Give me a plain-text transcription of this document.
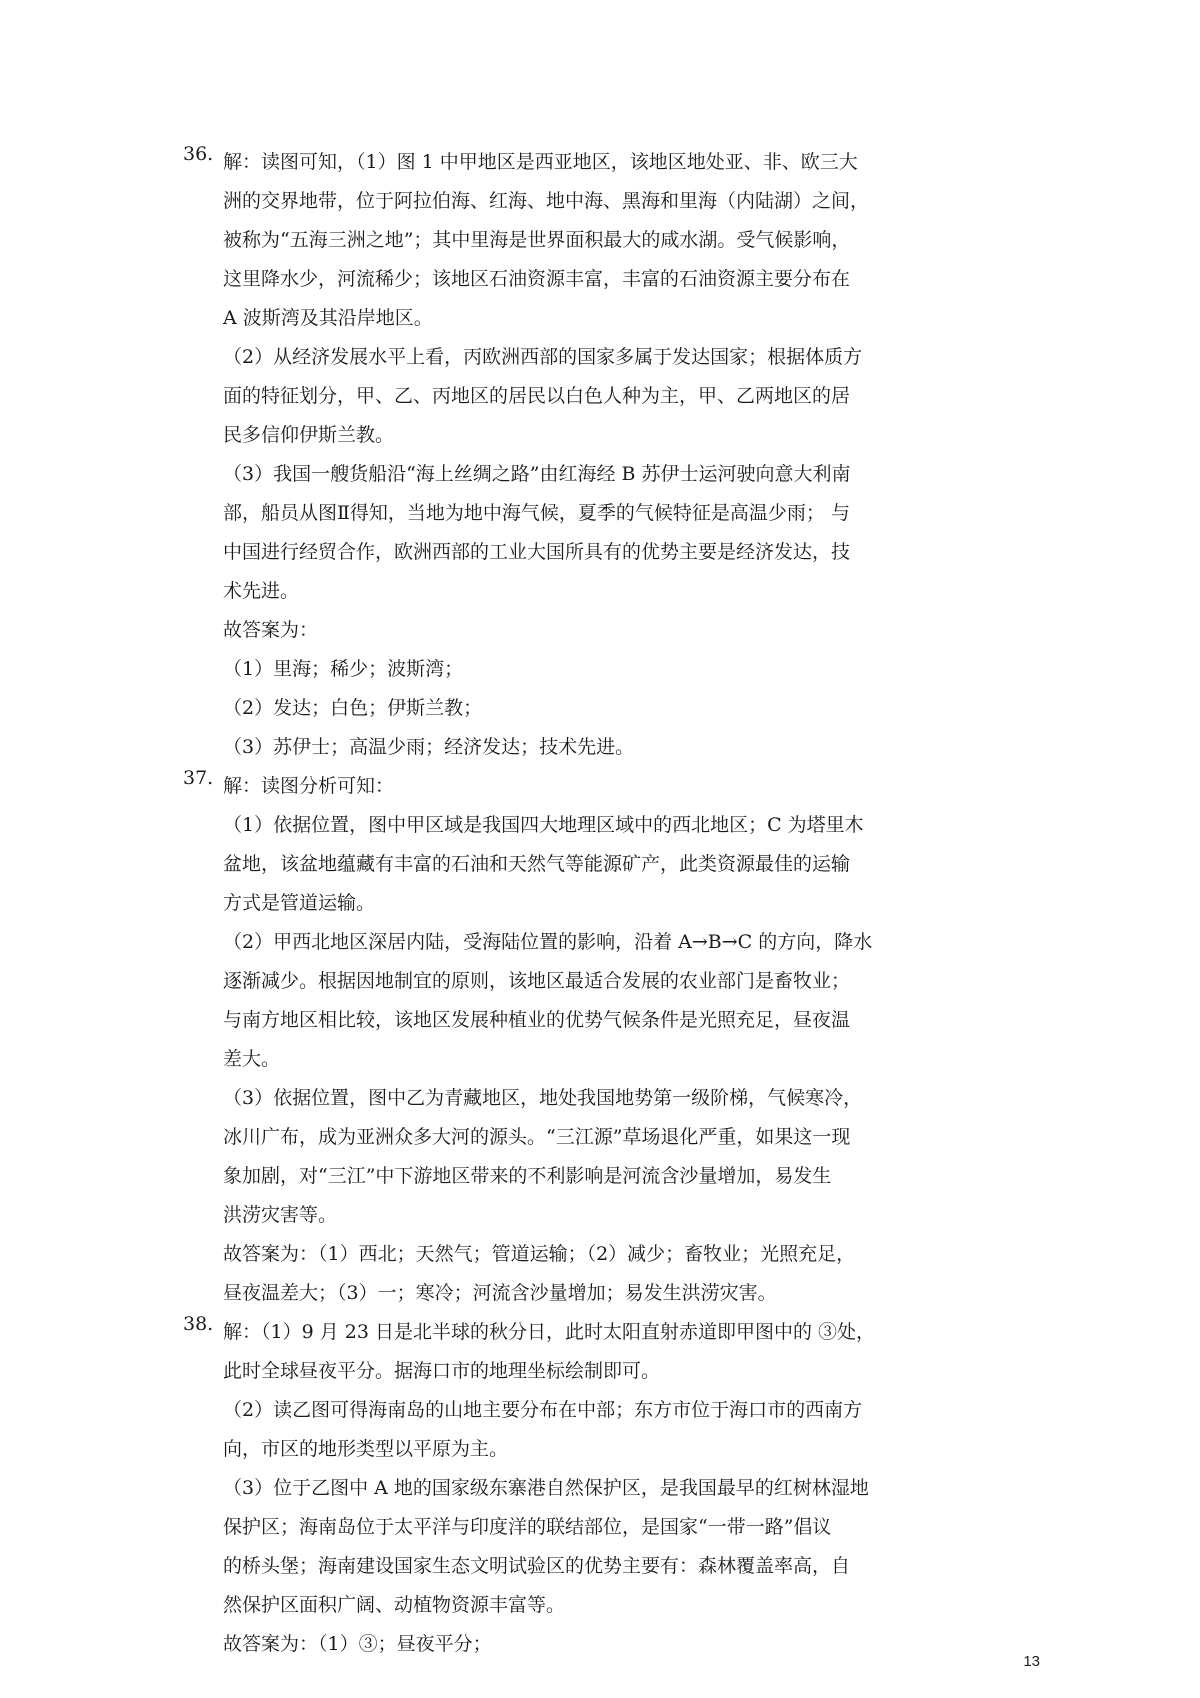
36. 解：读图可知，（1）图 1 中甲地区是西亚地区，该地区地处亚、非、欧三大
洲的交界地带，位于阿拉伯海、红海、地中海、黑海和里海（内陆湖）之间，
被称为“五海三洲之地”；其中里海是世界面积最大的咸水湖。受气候影响，
这里降水少，河流稀少；该地区石油资源丰富，丰富的石油资源主要分布在
A 波斯湾及其沿岸地区。
（2）从经济发展水平上看，丙欧洲西部的国家多属于发达国家；根据体质方
面的特征划分，甲、乙、丙地区的居民以白色人种为主，甲、乙两地区的居
民多信仰伊斯兰教。
（3）我国一艘货船沿“海上丝绸之路”由红海经 B 苏伊士运河驶向意大利南
部，船员从图Ⅱ得知，当地为地中海气候，夏季的气候特征是高温少雨； 与
中国进行经贸合作，欧洲西部的工业大国所具有的优势主要是经济发达，技
术先进。
故答案为：
（1）里海；稀少；波斯湾；
（2）发达；白色；伊斯兰教；
（3）苏伊士；高温少雨；经济发达；技术先进。
37. 解：读图分析可知：
（1）依据位置，图中甲区域是我国四大地理区域中的西北地区；C 为塔里木
盆地，该盆地蕴藏有丰富的石油和天然气等能源矿产，此类资源最佳的运输
方式是管道运输。
（2）甲西北地区深居内陆，受海陆位置的影响，沿着 A→B→C 的方向，降水
逐渐减少。根据因地制宜的原则，该地区最适合发展的农业部门是畜牧业；
与南方地区相比较，该地区发展种植业的优势气候条件是光照充足，昼夜温
差大。
（3）依据位置，图中乙为青藏地区，地处我国地势第一级阶梯，气候寒冷，
冰川广布，成为亚洲众多大河的源头。“三江源”草场退化严重，如果这一现
象加剧，对“三江”中下游地区带来的不利影响是河流含沙量增加，易发生
洪涝灾害等。
故答案为：（1）西北；天然气；管道运输；（2）减少；畜牧业；光照充足，
昼夜温差大；（3）一；寒冷；河流含沙量增加；易发生洪涝灾害。
38. 解：（1）9 月 23 日是北半球的秋分日，此时太阳直射赤道即甲图中的 ③处，
此时全球昼夜平分。据海口市的地理坐标绘制即可。
（2）读乙图可得海南岛的山地主要分布在中部；东方市位于海口市的西南方
向，市区的地形类型以平原为主。
（3）位于乙图中 A 地的国家级东寨港自然保护区，是我国最早的红树林湿地
保护区；海南岛位于太平洋与印度洋的联结部位，是国家“一带一路”倡议
的桥头堡；海南建设国家生态文明试验区的优势主要有：森林覆盖率高，自
然保护区面积广阔、动植物资源丰富等。
故答案为：（1）③；昼夜平分；
13
